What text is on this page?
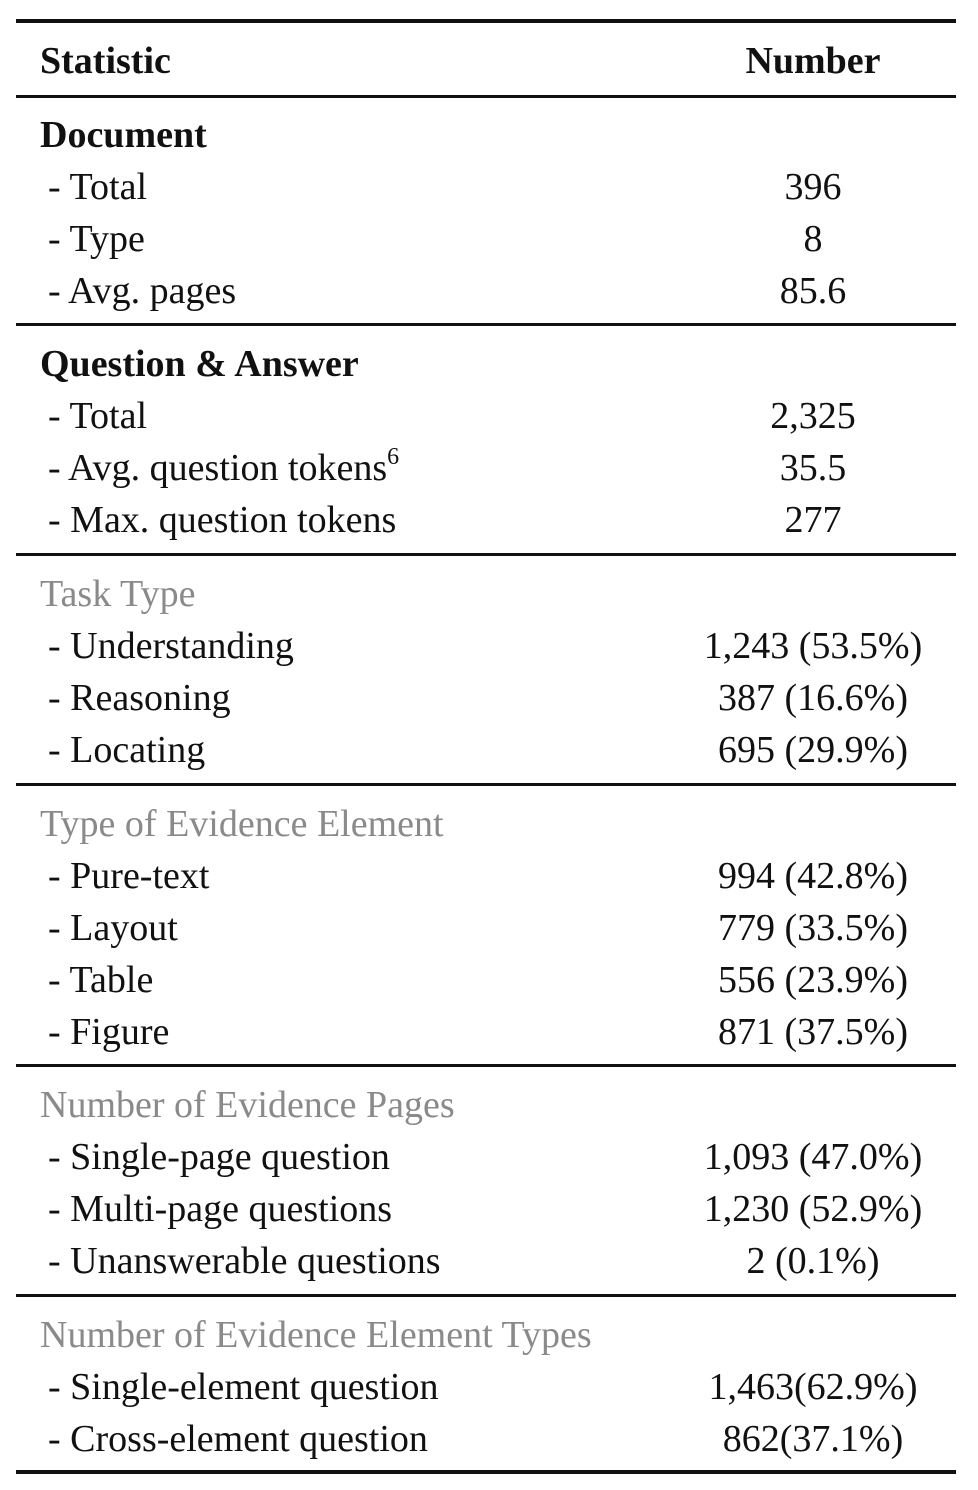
Statistic	Number
Document
- Total	396
- Type	8
- Avg. pages	85.6
Question & Answer
- Total	2,325
- Avg. question tokens$^6$	35.5
- Max. question tokens	277
Task Type
- Understanding	1,243 (53.5%)
- Reasoning	387 (16.6%)
- Locating	695 (29.9%)
Type of Evidence Element
- Pure-text	994 (42.8%)
- Layout	779 (33.5%)
- Table	556 (23.9%)
- Figure	871 (37.5%)
Number of Evidence Pages
- Single-page question	1,093 (47.0%)
- Multi-page questions	1,230 (52.9%)
- Unanswerable questions	2 (0.1%)
Number of Evidence Element Types
- Single-element question	1,463(62.9%)
- Cross-element question	862(37.1%)
